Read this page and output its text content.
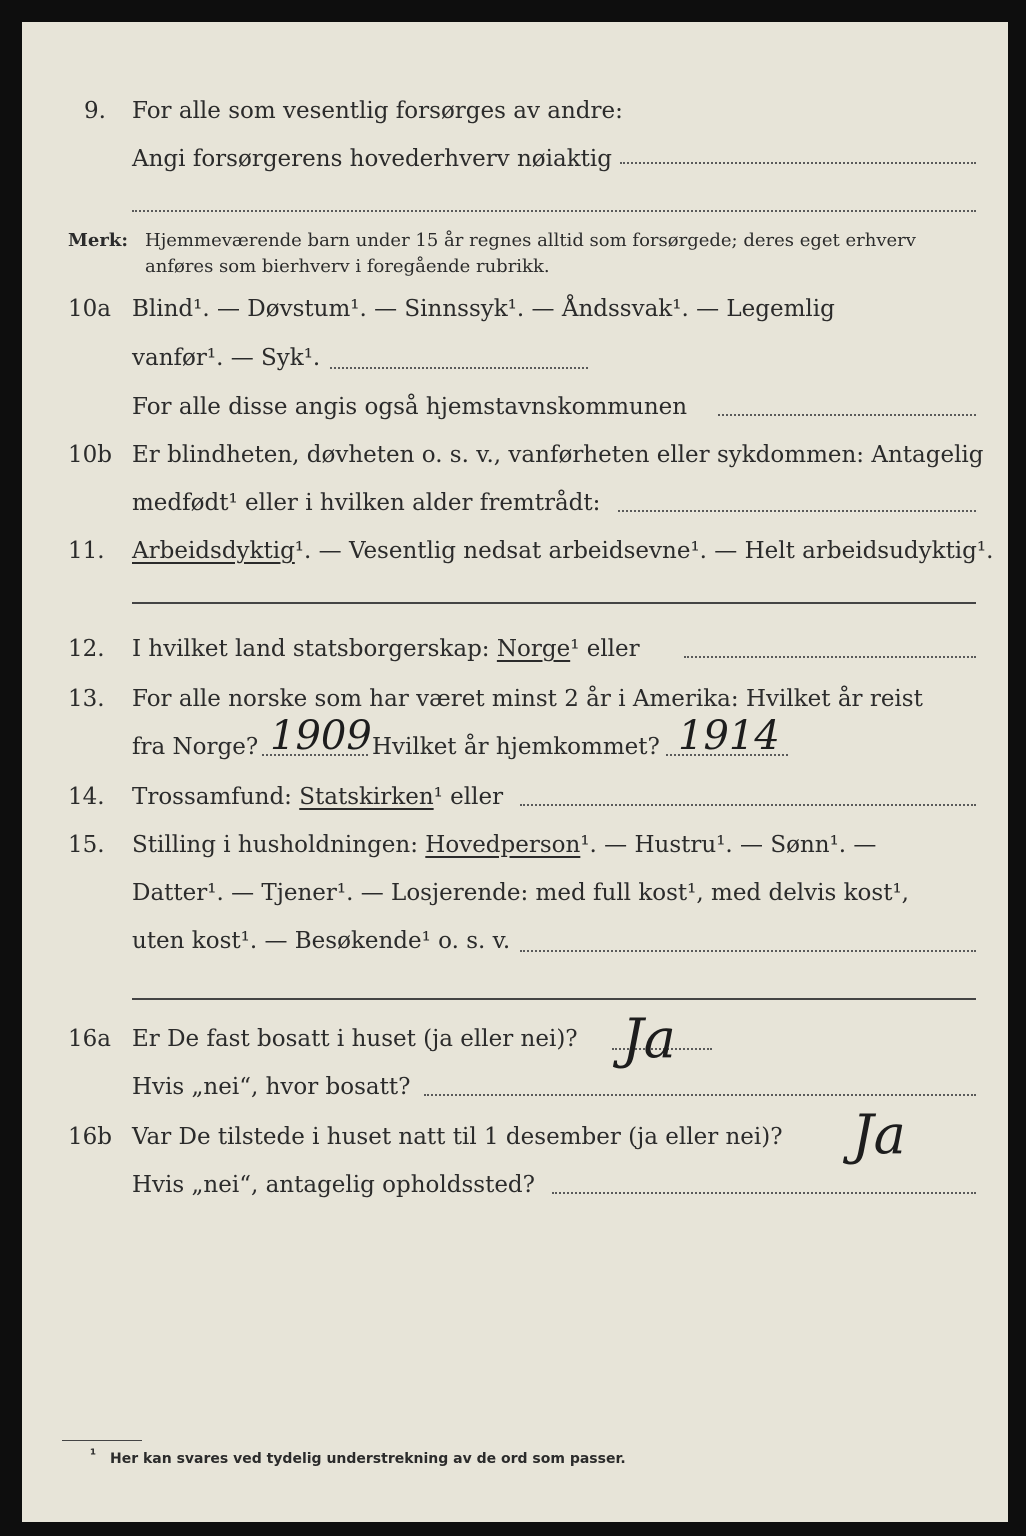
9. For alle som vesentlig forsørges av andre:
Angi forsørgerens hovederhverv nøiaktig
Merk: Hjemmeværende barn under 15 år regnes alltid som forsørgede; deres eget erhverv
anføres som bierhverv i foregående rubrikk.
10a Blind¹. — Døvstum¹. — Sinnssyk¹. — Åndssvak¹. — Legemlig
vanfør¹. — Syk¹.
For alle disse angis også hjemstavnskommunen
10b Er blindheten, døvheten o. s. v., vanførheten eller sykdommen: Antagelig
medfødt¹ eller i hvilken alder fremtrådt:
11. Arbeidsdyktig¹. — Vesentlig nedsat arbeidsevne¹. — Helt arbeidsudyktig¹.
12. I hvilket land statsborgerskap: Norge¹ eller
13. For alle norske som har været minst 2 år i Amerika: Hvilket år reist
fra Norge? 1909 Hvilket år hjemkommet? 1914
14. Trossamfund: Statskirken¹ eller
15. Stilling i husholdningen: Hovedperson¹. — Hustru¹. — Sønn¹. —
Datter¹. — Tjener¹. — Losjerende: med full kost¹, med delvis kost¹,
uten kost¹. — Besøkende¹ o. s. v.
16a Er De fast bosatt i huset (ja eller nei)? Ja
Hvis „nei“, hvor bosatt?
16b Var De tilstede i huset natt til 1 desember (ja eller nei)? Ja
Hvis „nei“, antagelig opholdssted?
¹ Her kan svares ved tydelig understrekning av de ord som passer.
